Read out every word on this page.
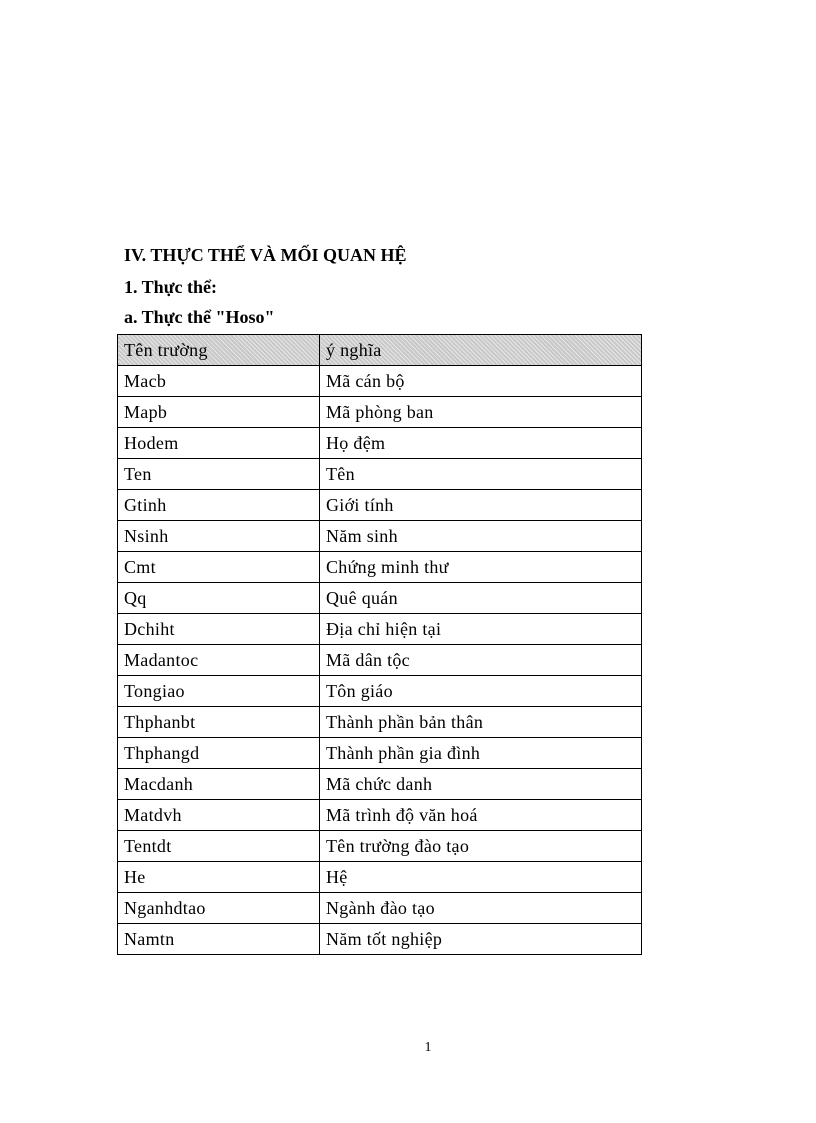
IV. THỰC THỂ VÀ MỐI QUAN HỆ
1. Thực thể:
a. Thực thể "Hoso"
Tên trường	ý nghĩa
Macb	Mã cán bộ
Mapb	Mã phòng ban
Hodem	Họ đệm
Ten	Tên
Gtinh	Giới tính
Nsinh	Năm sinh
Cmt	Chứng minh thư
Qq	Quê quán
Dchiht	Địa chỉ hiện tại
Madantoc	Mã dân tộc
Tongiao	Tôn giáo
Thphanbt	Thành phần bản thân
Thphangd	Thành phần gia đình
Macdanh	Mã chức danh
Matdvh	Mã trình độ văn hoá
Tentdt	Tên trường đào tạo
He	Hệ
Nganhdtao	Ngành đào tạo
Namtn	Năm tốt nghiệp
1
